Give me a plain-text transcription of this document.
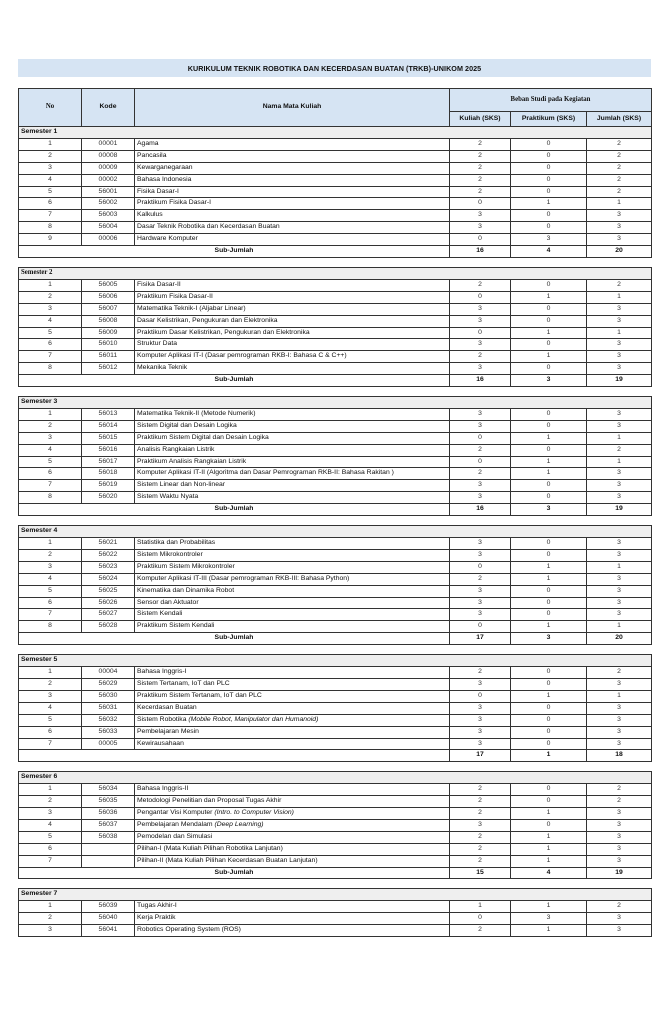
KURIKULUM TEKNIK ROBOTIKA DAN KECERDASAN BUATAN (TRKB)-UNIKOM 2025
No	Kode	Nama Mata Kuliah	Beban Studi pada Kegiatan		
			Kuliah (SKS)	Praktikum (SKS)	Jumlah (SKS)
Semester 1					
1	00001	Agama	2	0	2
2	00008	Pancasila	2	0	2
3	00009	Kewarganegaraan	2	0	2
4	00002	Bahasa Indonesia	2	0	2
5	56001	Fisika Dasar-I	2	0	2
6	56002	Praktikum Fisika Dasar-I	0	1	1
7	56003	Kalkulus	3	0	3
8	56004	Dasar Teknik Robotika dan Kecerdasan Buatan	3	0	3
9	00006	Hardware Komputer	0	3	3
Sub-Jumlah			16	4	20

Semester 2					
1	56005	Fisika Dasar-II	2	0	2
2	56006	Praktikum Fisika Dasar-II	0	1	1
3	56007	Matematika Teknik-I (Aljabar Linear)	3	0	3
4	56008	Dasar Kelistrikan, Pengukuran dan Elektronika	3	0	3
5	56009	Praktikum Dasar Kelistrikan, Pengukuran dan Elektronika	0	1	1
6	56010	Struktur Data	3	0	3
7	56011	Komputer Aplikasi IT-I (Dasar pemrograman RKB-I: Bahasa C & C++)	2	1	3
8	56012	Mekanika Teknik	3	0	3
Sub-Jumlah			16	3	19

Semester 3					
1	56013	Matematika Teknik-II (Metode Numerik)	3	0	3
2	56014	Sistem Digital dan Desain Logika	3	0	3
3	56015	Praktikum Sistem Digital dan Desain Logika	0	1	1
4	56016	Analisis Rangkaian Listrik	2	0	2
5	56017	Praktikum Analisis Rangkaian Listrik	0	1	1
6	56018	Komputer Aplikasi IT-II (Algoritma dan Dasar Pemrograman RKB-II: Bahasa Rakitan )	2	1	3
7	56019	Sistem Linear dan Non-linear	3	0	3
8	56020	Sistem Waktu Nyata	3	0	3
Sub-Jumlah			16	3	19

Semester 4					
1	56021	Statistika dan Probabilitas	3	0	3
2	56022	Sistem Mikrokontroler	3	0	3
3	56023	Praktikum Sistem Mikrokontroler	0	1	1
4	56024	Komputer Aplikasi IT-III (Dasar pemrograman RKB-III: Bahasa Python)	2	1	3
5	56025	Kinematika dan Dinamika Robot	3	0	3
6	56026	Sensor dan Aktuator	3	0	3
7	56027	Sistem Kendali	3	0	3
8	56028	Praktikum Sistem Kendali	0	1	1
Sub-Jumlah			17	3	20

Semester 5					
1	00004	Bahasa Inggris-I	2	0	2
2	56029	Sistem Tertanam, IoT dan PLC	3	0	3
3	56030	Praktikum Sistem Tertanam, IoT dan PLC	0	1	1
4	56031	Kecerdasan Buatan	3	0	3
5	56032	Sistem Robotika (Mobile Robot, Manipulator dan Humanoid)	3	0	3
6	56033	Pembelajaran Mesin	3	0	3
7	00005	Kewirausahaan	3	0	3
			17	1	18

Semester 6					
1	56034	Bahasa Inggris-II	2	0	2
2	56035	Metodologi Penelitian dan Proposal Tugas Akhir	2	0	2
3	56036	Pengantar Visi Komputer (Intro. to Computer Vision)	2	1	3
4	56037	Pembelajaran Mendalam (Deep Learning)	3	0	3
5	56038	Pemodelan dan Simulasi	2	1	3
6		Pilihan-I (Mata Kuliah Pilihan Robotika Lanjutan)	2	1	3
7		Pilihan-II (Mata Kuliah Pilihan Kecerdasan Buatan Lanjutan)	2	1	3
Sub-Jumlah			15	4	19

Semester 7					
1	56039	Tugas Akhir-I	1	1	2
2	56040	Kerja Praktik	0	3	3
3	56041	Robotics Operating System (ROS)	2	1	3
